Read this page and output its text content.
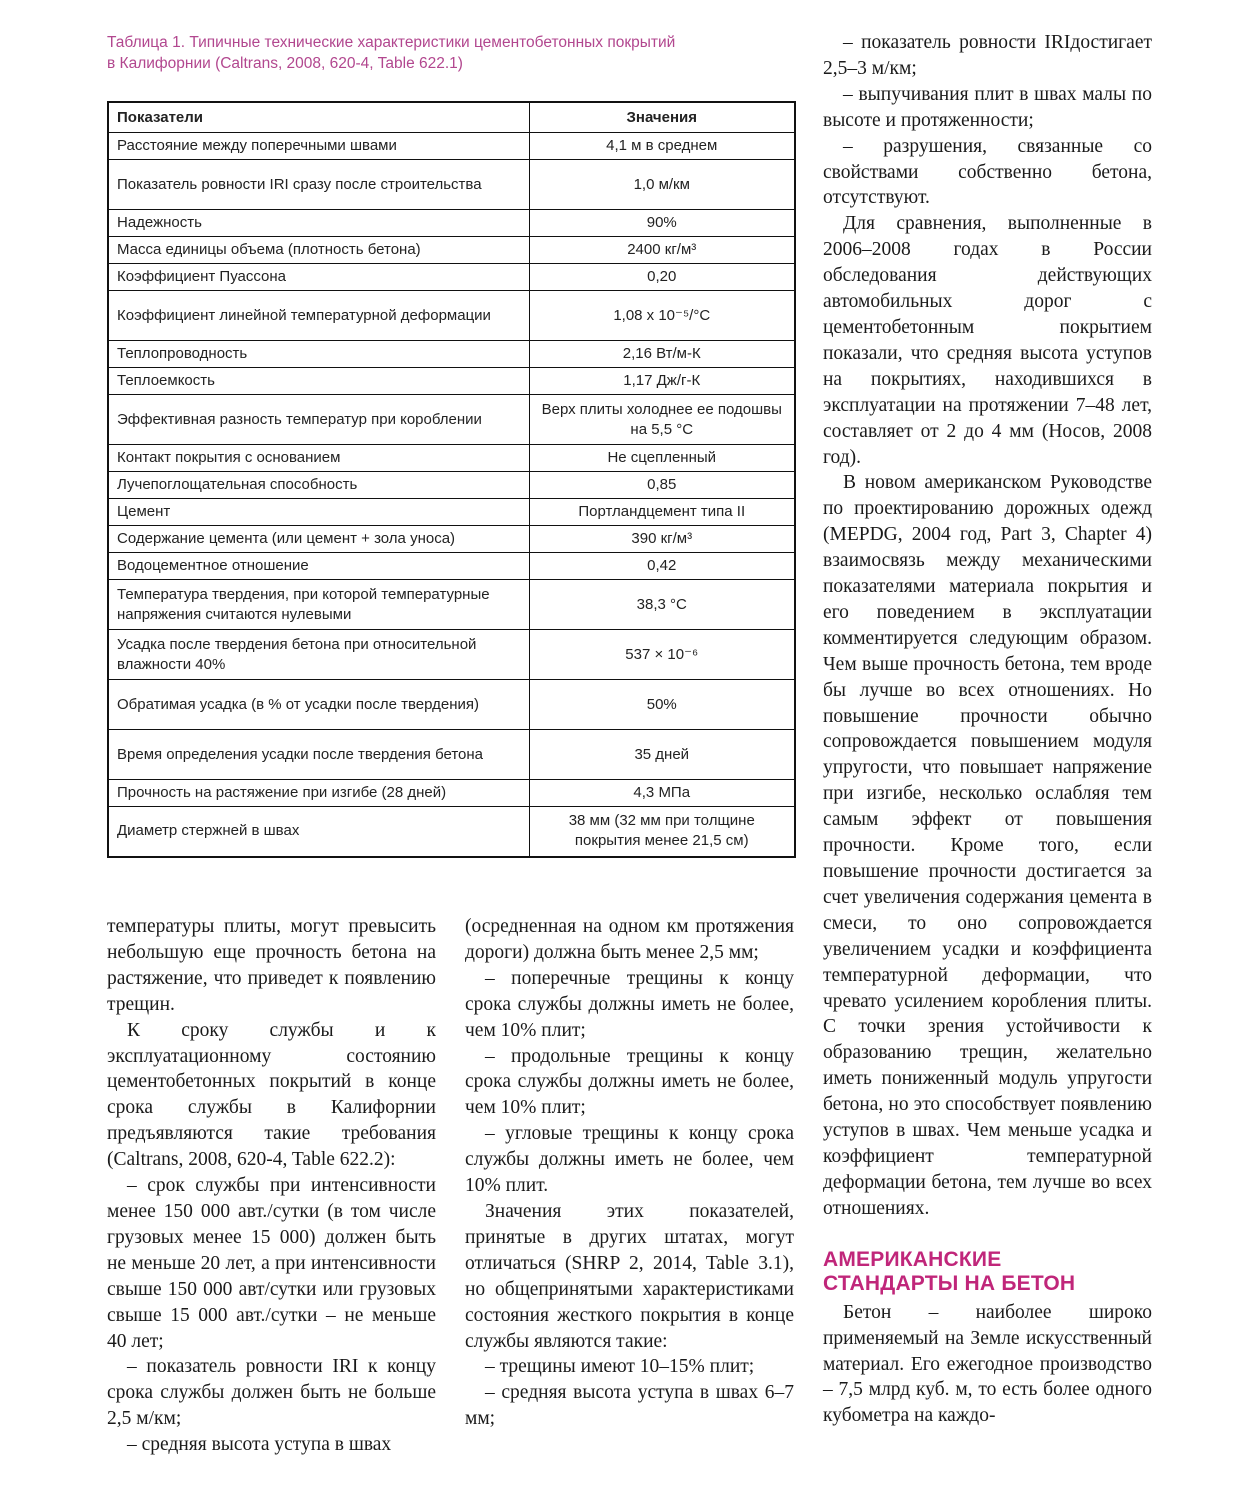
Таблица 1. Типичные технические характеристики цементобетонных покрытий
в Калифорнии (Caltrans, 2008, 620-4, Table 622.1)
Показатели	Значения
Расстояние между поперечными швами	4,1 м в среднем
Показатель ровности IRI сразу после строительства	1,0 м/км
Надежность	90%
Масса единицы объема (плотность бетона)	2400 кг/м³
Коэффициент Пуассона	0,20
Коэффициент линейной температурной деформации	1,08 х 10⁻⁵/°С
Теплопроводность	2,16 Вт/м-К
Теплоемкость	1,17 Дж/г-К
Эффективная разность температур при короблении	Верх плиты холоднее ее подошвы на 5,5 °С
Контакт покрытия с основанием	Не сцепленный
Лучепоглощательная способность	0,85
Цемент	Портландцемент типа II
Содержание цемента (или цемент + зола уноса)	390 кг/м³
Водоцементное отношение	0,42
Температура твердения, при которой температурные напряжения считаются нулевыми	38,3 °С
Усадка после твердения бетона при относительной влажности 40%	537 × 10⁻⁶
Обратимая усадка (в % от усадки после твердения)	50%
Время определения усадки после твердения бетона	35 дней
Прочность на растяжение при изгибе (28 дней)	4,3 МПа
Диаметр стержней в швах	38 мм (32 мм при толщине покрытия менее 21,5 см)

температуры плиты, могут превысить небольшую еще прочность бетона на растяжение, что приведет к появлению трещин.

К сроку службы и к эксплуатационному состоянию цементобетонных покрытий в конце срока службы в Калифорнии предъявляются такие требования (Caltrans, 2008, 620-4, Table 622.2):

– срок службы при интенсивности менее 150 000 авт./сутки (в том числе грузовых менее 15 000) должен быть не меньше 20 лет, а при интенсивности свыше 150 000 авт/сутки или грузовых свыше 15 000 авт./сутки – не меньше 40 лет;

– показатель ровности IRI к концу срока службы должен быть не больше 2,5 м/км;

– средняя высота уступа в швах

(осредненная на одном км протяжения дороги) должна быть менее 2,5 мм;

– поперечные трещины к концу срока службы должны иметь не более, чем 10% плит;

– продольные трещины к концу срока службы должны иметь не более, чем 10% плит;

– угловые трещины к концу срока службы должны иметь не более, чем 10% плит.

Значения этих показателей, принятые в других штатах, могут отличаться (SHRP 2, 2014, Table 3.1), но общепринятыми характеристиками состояния жесткого покрытия в конце службы являются такие:

– трещины имеют 10–15% плит;

– средняя высота уступа в швах 6–7 мм;

– показатель ровности IRIдостигает 2,5–3 м/км;

– выпучивания плит в швах малы по высоте и протяженности;

– разрушения, связанные со свойствами собственно бетона, отсутствуют.

Для сравнения, выполненные в 2006–2008 годах в России обследования действующих автомобильных дорог с цементобетонным покрытием показали, что средняя высота уступов на покрытиях, находившихся в эксплуатации на протяжении 7–48 лет, составляет от 2 до 4 мм (Носов, 2008 год).

В новом американском Руководстве по проектированию дорожных одежд (MEPDG, 2004 год, Part 3, Chapter 4) взаимосвязь между механическими показателями материала покрытия и его поведением в эксплуатации комментируется следующим образом. Чем выше прочность бетона, тем вроде бы лучше во всех отношениях. Но повышение прочности обычно сопровождается повышением модуля упругости, что повышает напряжение при изгибе, несколько ослабляя тем самым эффект от повышения прочности. Кроме того, если повышение прочности достигается за счет увеличения содержания цемента в смеси, то оно сопровождается увеличением усадки и коэффициента температурной деформации, что чревато усилением коробления плиты. С точки зрения устойчивости к образованию трещин, желательно иметь пониженный модуль упругости бетона, но это способствует появлению уступов в швах. Чем меньше усадка и коэффициент температурной деформации бетона, тем лучше во всех отношениях.

АМЕРИКАНСКИЕ
СТАНДАРТЫ НА БЕТОН

Бетон – наиболее широко применяемый на Земле искусственный материал. Его ежегодное производство – 7,5 млрд куб. м, то есть более одного кубометра на каждо-
